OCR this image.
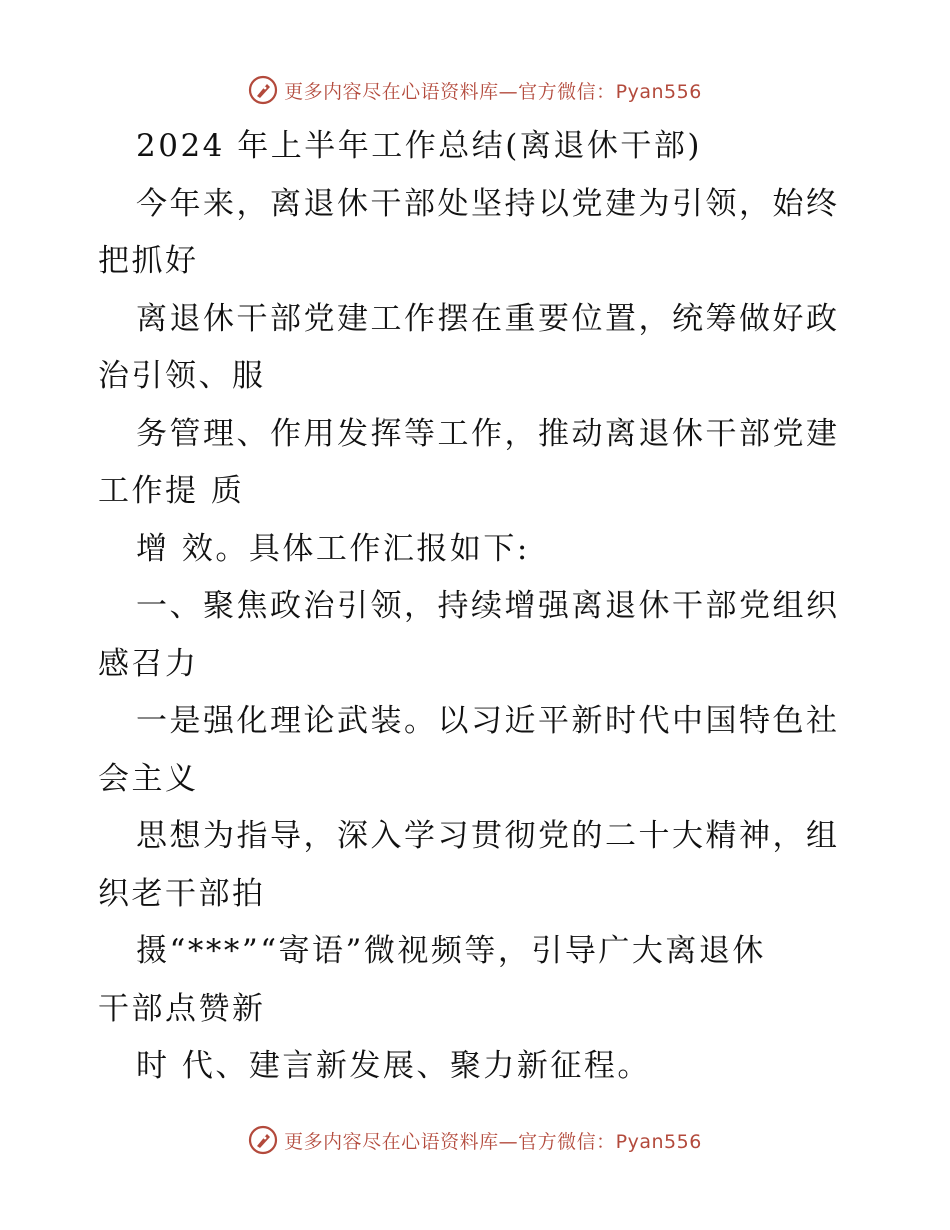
更多内容尽在心语资料库—官方微信：Pyan556
2024 年上半年工作总结(离退休干部)
今年来，离退休干部处坚持以党建为引领，始终
把抓好
离退休干部党建工作摆在重要位置，统筹做好政
治引领、服
务管理、作用发挥等工作，推动离退休干部党建
工作提 质
增 效。具体工作汇报如下:
一、聚焦政治引领，持续增强离退休干部党组织
感召力
一是强化理论武装。以习近平新时代中国特色社
会主义
思想为指导，深入学习贯彻党的二十大精神，组
织老干部拍
摄“***”“寄语”微视频等，引导广大离退休
干部点赞新
时 代、建言新发展、聚力新征程。
更多内容尽在心语资料库—官方微信：Pyan556
